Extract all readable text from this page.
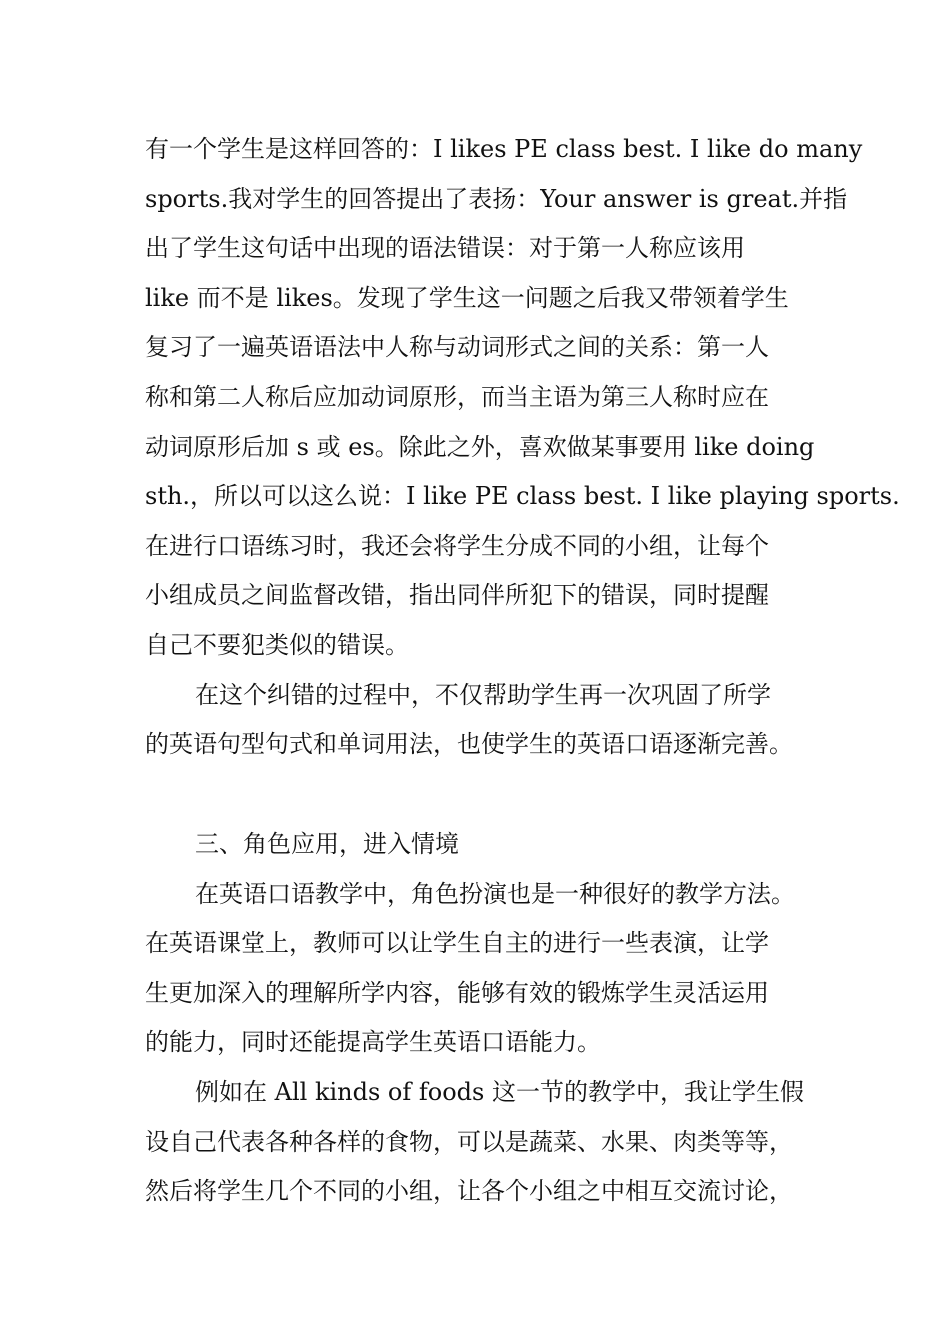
有一个学生是这样回答的：I likes PE class best. I like do many
sports.我对学生的回答提出了表扬：Your answer is great.并指
出了学生这句话中出现的语法错误：对于第一人称应该用
like 而不是 likes。发现了学生这一问题之后我又带领着学生
复习了一遍英语语法中人称与动词形式之间的关系：第一人
称和第二人称后应加动词原形，而当主语为第三人称时应在
动词原形后加 s 或 es。除此之外，喜欢做某事要用 like doing
sth.，所以可以这么说：I like PE class best. I like playing sports.
在进行口语练习时，我还会将学生分成不同的小组，让每个
小组成员之间监督改错，指出同伴所犯下的错误，同时提醒
自己不要犯类似的错误。
在这个纠错的过程中，不仅帮助学生再一次巩固了所学
的英语句型句式和单词用法，也使学生的英语口语逐渐完善。
三、角色应用，进入情境
在英语口语教学中，角色扮演也是一种很好的教学方法。
在英语课堂上，教师可以让学生自主的进行一些表演，让学
生更加深入的理解所学内容，能够有效的锻炼学生灵活运用
的能力，同时还能提高学生英语口语能力。
例如在 All kinds of foods 这一节的教学中，我让学生假
设自己代表各种各样的食物，可以是蔬菜、水果、肉类等等，
然后将学生几个不同的小组，让各个小组之中相互交流讨论，
